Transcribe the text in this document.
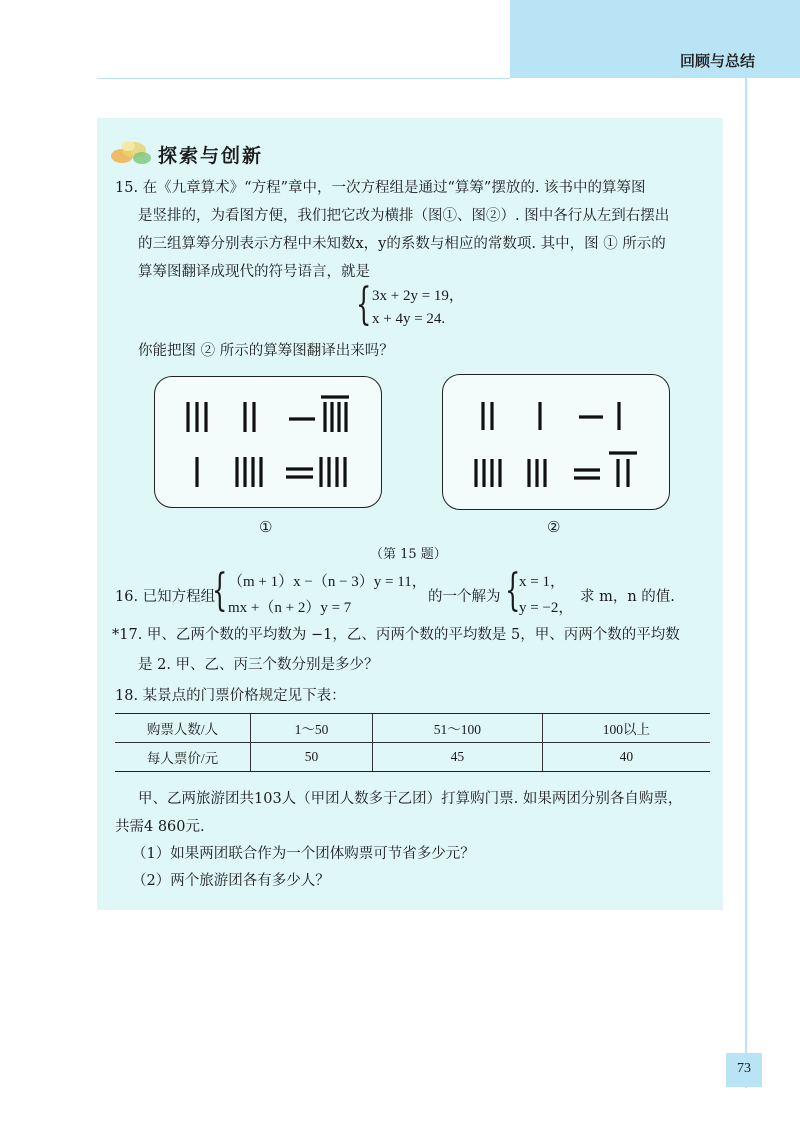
回顾与总结
探索与创新
15. 在《九章算术》“方程”章中，一次方程组是通过“算筹”摆放的. 该书中的算筹图
是竖排的，为看图方便，我们把它改为横排（图①、图②）. 图中各行从左到右摆出
的三组算筹分别表示方程中未知数x，y的系数与相应的常数项. 其中，图 ① 所示的
算筹图翻译成现代的符号语言，就是
{ 3x + 2y = 19，
x + 4y = 24.
你能把图 ② 所示的算筹图翻译出来吗？
①	②
（第 15 题）
16. 已知方程组
{ （m + 1）x −（n − 3）y = 11，
mx +（n + 2）y = 7
的一个解为 {
x = 1，
y = −2，
求 m，n 的值.
*17. 甲、乙两个数的平均数为 −1，乙、丙两个数的平均数是 5，甲、丙两个数的平均数
是 2. 甲、乙、丙三个数分别是多少？
18. 某景点的门票价格规定见下表：
购票人数/人	1～50	51～100	100以上
每人票价/元	50	45	40
甲、乙两旅游团共103人（甲团人数多于乙团）打算购门票. 如果两团分别各自购票，
共需4 860元.
（1）如果两团联合作为一个团体购票可节省多少元？
（2）两个旅游团各有多少人？
73
